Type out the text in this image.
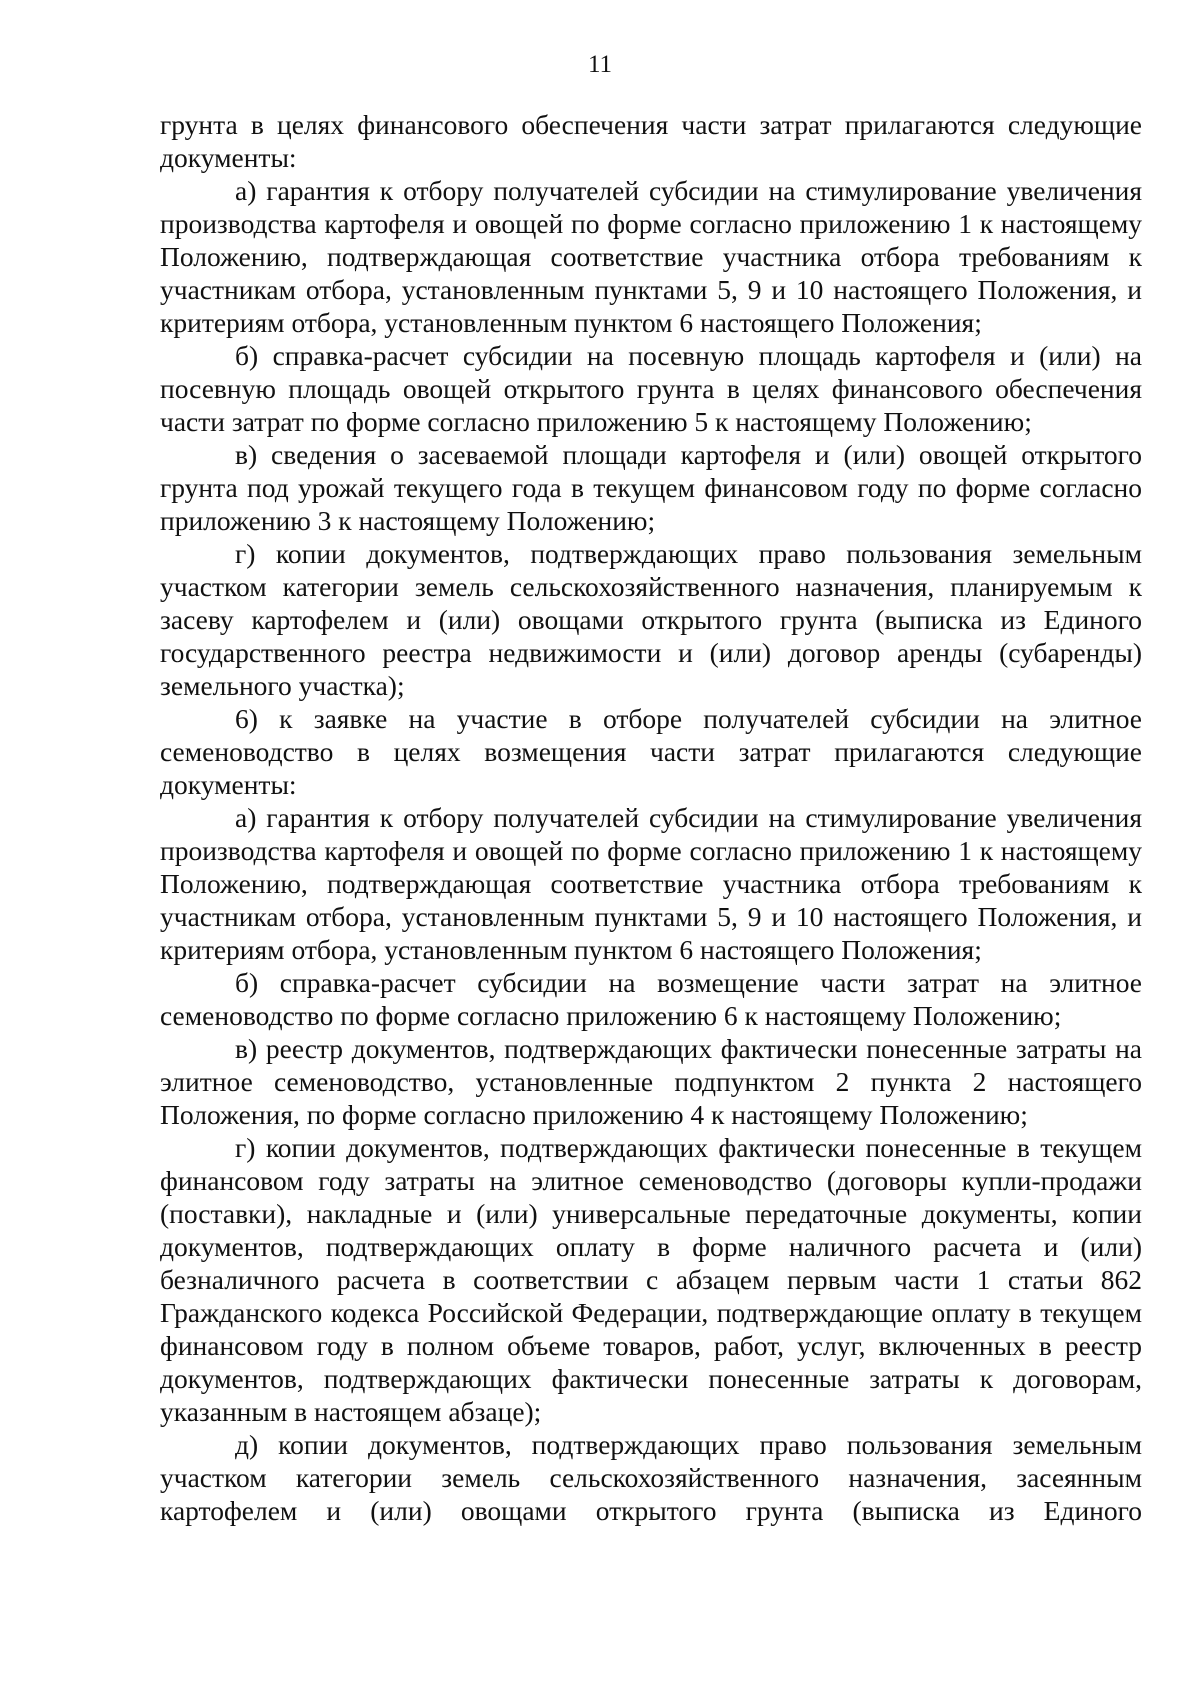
11

грунта в целях финансового обеспечения части затрат прилагаются следующие документы:

а) гарантия к отбору получателей субсидии на стимулирование увеличения производства картофеля и овощей по форме согласно приложению 1 к настоящему Положению, подтверждающая соответствие участника отбора требованиям к участникам отбора, установленным пунктами 5, 9 и 10 настоящего Положения, и критериям отбора, установленным пунктом 6 настоящего Положения;

б) справка-расчет субсидии на посевную площадь картофеля и (или) на посевную площадь овощей открытого грунта в целях финансового обеспечения части затрат по форме согласно приложению 5 к настоящему Положению;

в) сведения о засеваемой площади картофеля и (или) овощей открытого грунта под урожай текущего года в текущем финансовом году по форме согласно приложению 3 к настоящему Положению;

г) копии документов, подтверждающих право пользования земельным участком категории земель сельскохозяйственного назначения, планируемым к засеву картофелем и (или) овощами открытого грунта (выписка из Единого государственного реестра недвижимости и (или) договор аренды (субаренды) земельного участка);

6) к заявке на участие в отборе получателей субсидии на элитное семеноводство в целях возмещения части затрат прилагаются следующие документы:

а) гарантия к отбору получателей субсидии на стимулирование увеличения производства картофеля и овощей по форме согласно приложению 1 к настоящему Положению, подтверждающая соответствие участника отбора требованиям к участникам отбора, установленным пунктами 5, 9 и 10 настоящего Положения, и критериям отбора, установленным пунктом 6 настоящего Положения;

б) справка-расчет субсидии на возмещение части затрат на элитное семеноводство по форме согласно приложению 6 к настоящему Положению;

в) реестр документов, подтверждающих фактически понесенные затраты на элитное семеноводство, установленные подпунктом 2 пункта 2 настоящего Положения, по форме согласно приложению 4 к настоящему Положению;

г) копии документов, подтверждающих фактически понесенные в текущем финансовом году затраты на элитное семеноводство (договоры купли-продажи (поставки), накладные и (или) универсальные передаточные документы, копии документов, подтверждающих оплату в форме наличного расчета и (или) безналичного расчета в соответствии с абзацем первым части 1 статьи 862 Гражданского кодекса Российской Федерации, подтверждающие оплату в текущем финансовом году в полном объеме товаров, работ, услуг, включенных в реестр документов, подтверждающих фактически понесенные затраты к договорам, указанным в настоящем абзаце);

д) копии документов, подтверждающих право пользования земельным участком категории земель сельскохозяйственного назначения, засеянным картофелем и (или) овощами открытого грунта (выписка из Единого
